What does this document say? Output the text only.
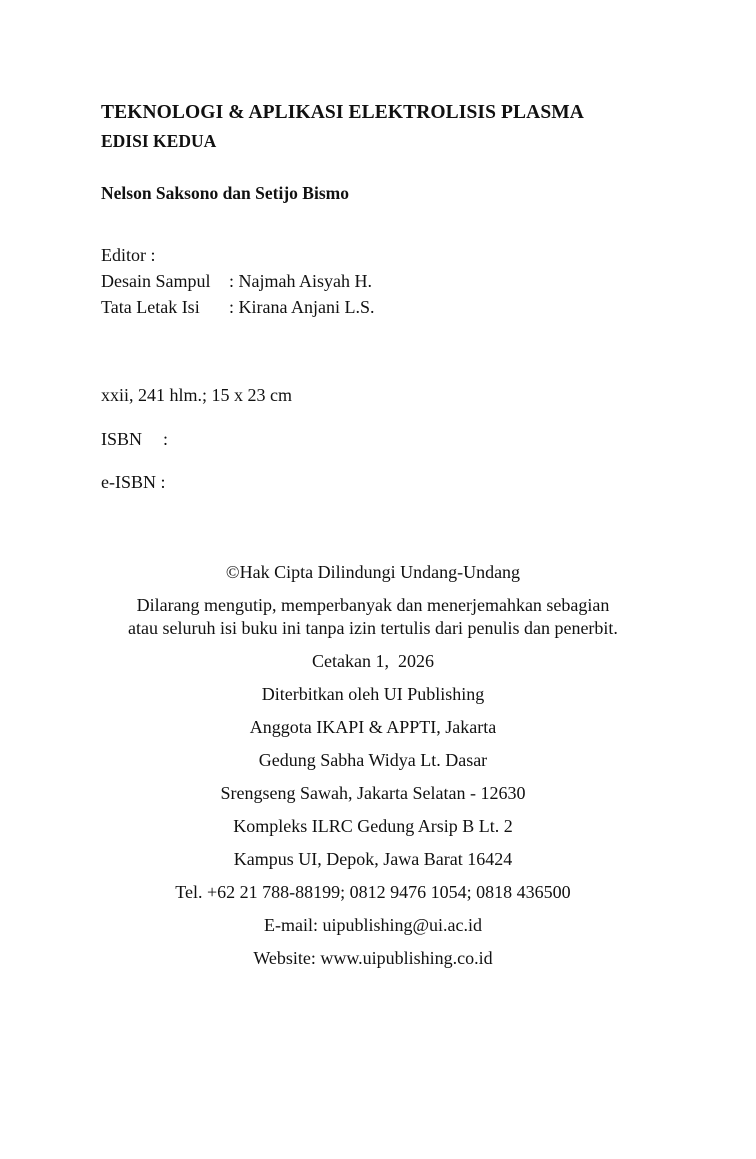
TEKNOLOGI & APLIKASI ELEKTROLISIS PLASMA
EDISI KEDUA
Nelson Saksono dan Setijo Bismo
Editor :
Desain Sampul : Najmah Aisyah H.
Tata Letak Isi : Kirana Anjani L.S.
xxii, 241 hlm.; 15 x 23 cm
ISBN :
e-ISBN :
©Hak Cipta Dilindungi Undang-Undang
Dilarang mengutip, memperbanyak dan menerjemahkan sebagian
atau seluruh isi buku ini tanpa izin tertulis dari penulis dan penerbit.
Cetakan 1,  2026
Diterbitkan oleh UI Publishing
Anggota IKAPI & APPTI, Jakarta
Gedung Sabha Widya Lt. Dasar
Srengseng Sawah, Jakarta Selatan - 12630
Kompleks ILRC Gedung Arsip B Lt. 2
Kampus UI, Depok, Jawa Barat 16424
Tel. +62 21 788-88199; 0812 9476 1054; 0818 436500
E-mail: uipublishing@ui.ac.id
Website: www.uipublishing.co.id
